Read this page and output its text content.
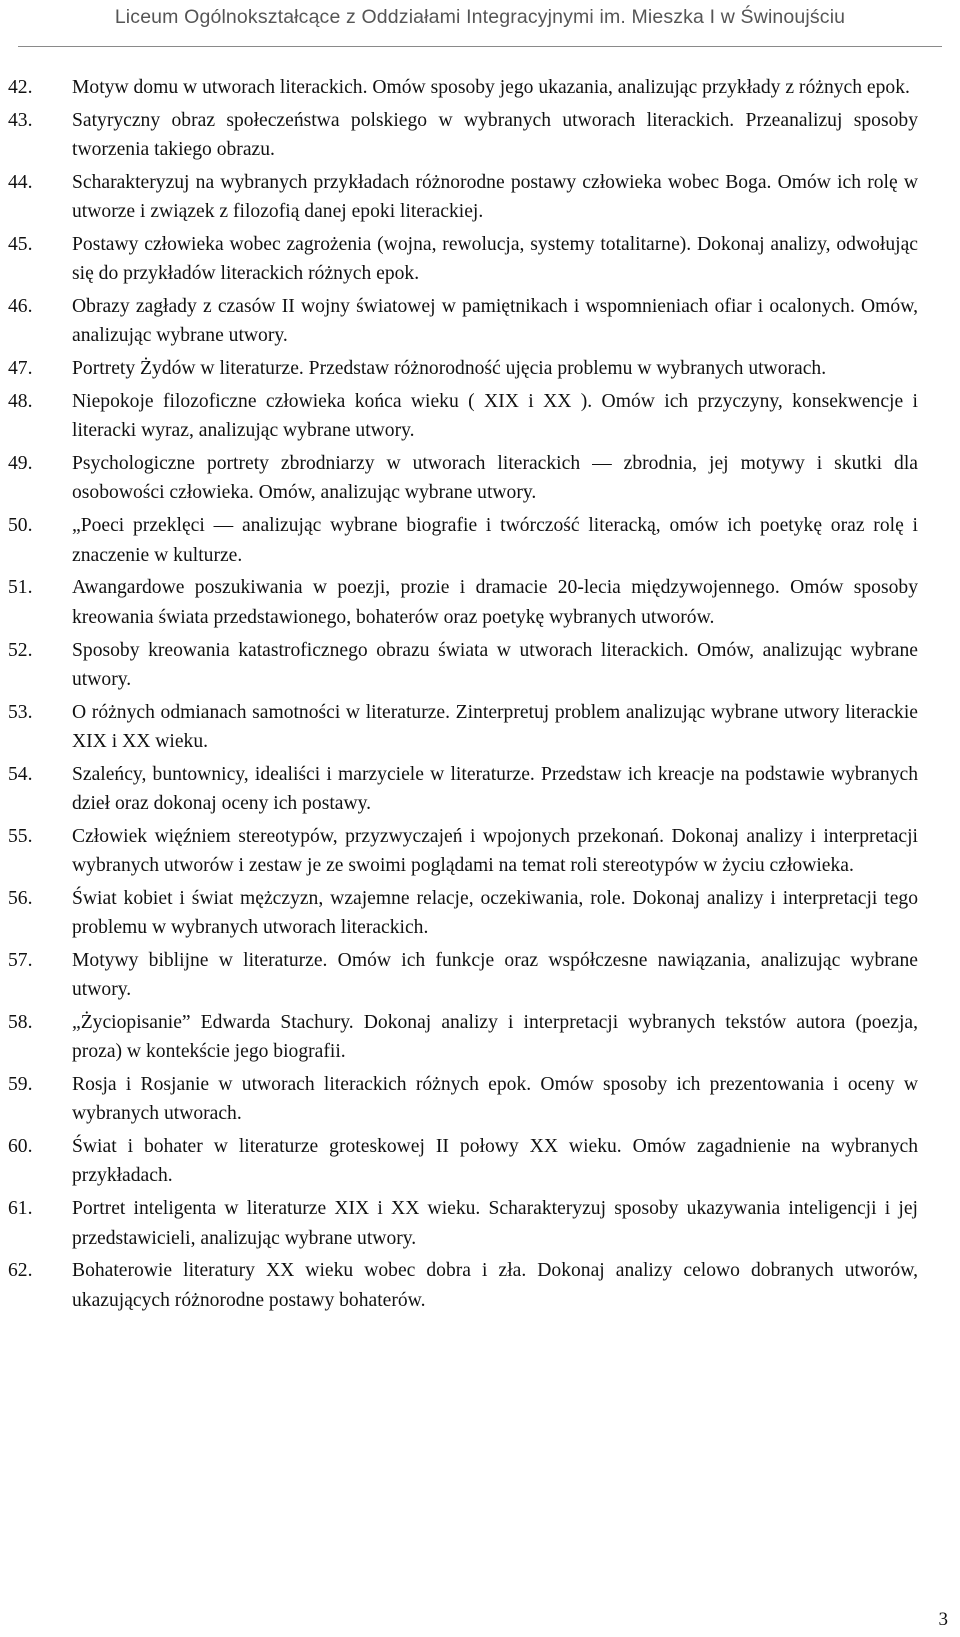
Liceum Ogólnokształcące z Oddziałami Integracyjnymi im. Mieszka I w Świnoujściu
42. Motyw domu w utworach literackich. Omów sposoby jego ukazania, analizując przykłady z różnych epok.
43. Satyryczny obraz społeczeństwa polskiego w wybranych utworach literackich. Przeanalizuj sposoby tworzenia takiego obrazu.
44. Scharakteryzuj na wybranych przykładach różnorodne postawy człowieka wobec Boga. Omów ich rolę w utworze i związek z filozofią danej epoki literackiej.
45. Postawy człowieka wobec zagrożenia (wojna, rewolucja, systemy totalitarne). Dokonaj analizy, odwołując się do przykładów literackich różnych epok.
46. Obrazy zagłady z czasów II wojny światowej w pamiętnikach i wspomnieniach ofiar i ocalonych. Omów, analizując wybrane utwory.
47. Portrety Żydów w literaturze. Przedstaw różnorodność ujęcia problemu w wybranych utworach.
48. Niepokoje filozoficzne człowieka końca wieku ( XIX i XX ). Omów ich przyczyny, konsekwencje i literacki wyraz, analizując wybrane utwory.
49. Psychologiczne portrety zbrodniarzy w utworach literackich — zbrodnia, jej motywy i skutki dla osobowości człowieka. Omów, analizując wybrane utwory.
50. „Poeci przeklęci — analizując wybrane biografie i twórczość literacką, omów ich poetykę oraz rolę i znaczenie w kulturze.
51. Awangardowe poszukiwania w poezji, prozie i dramacie 20-lecia międzywojennego. Omów sposoby kreowania świata przedstawionego, bohaterów oraz poetykę wybranych utworów.
52. Sposoby kreowania katastroficznego obrazu świata w utworach literackich. Omów, analizując wybrane utwory.
53. O różnych odmianach samotności w literaturze. Zinterpretuj problem analizując wybrane utwory literackie XIX i XX wieku.
54. Szaleńcy, buntownicy, idealiści i marzyciele w literaturze. Przedstaw ich kreacje na podstawie wybranych dzieł oraz dokonaj oceny ich postawy.
55. Człowiek więźniem stereotypów, przyzwyczajeń i wpojonych przekonań. Dokonaj analizy i interpretacji wybranych utworów i zestaw je ze swoimi poglądami na temat roli stereotypów w życiu człowieka.
56. Świat kobiet i świat mężczyzn, wzajemne relacje, oczekiwania, role. Dokonaj analizy i interpretacji tego problemu w wybranych utworach literackich.
57. Motywy biblijne w literaturze. Omów ich funkcje oraz współczesne nawiązania, analizując wybrane utwory.
58. „Życiopisanie” Edwarda Stachury. Dokonaj analizy i interpretacji wybranych tekstów autora (poezja, proza) w kontekście jego biografii.
59. Rosja i Rosjanie w utworach literackich różnych epok. Omów sposoby ich prezentowania i oceny w wybranych utworach.
60. Świat i bohater w literaturze groteskowej II połowy XX wieku. Omów zagadnienie na wybranych przykładach.
61. Portret inteligenta w literaturze XIX i XX wieku. Scharakteryzuj sposoby ukazywania inteligencji i jej przedstawicieli, analizując wybrane utwory.
62. Bohaterowie literatury XX wieku wobec dobra i zła. Dokonaj analizy celowo dobranych utworów, ukazujących różnorodne postawy bohaterów.
3
